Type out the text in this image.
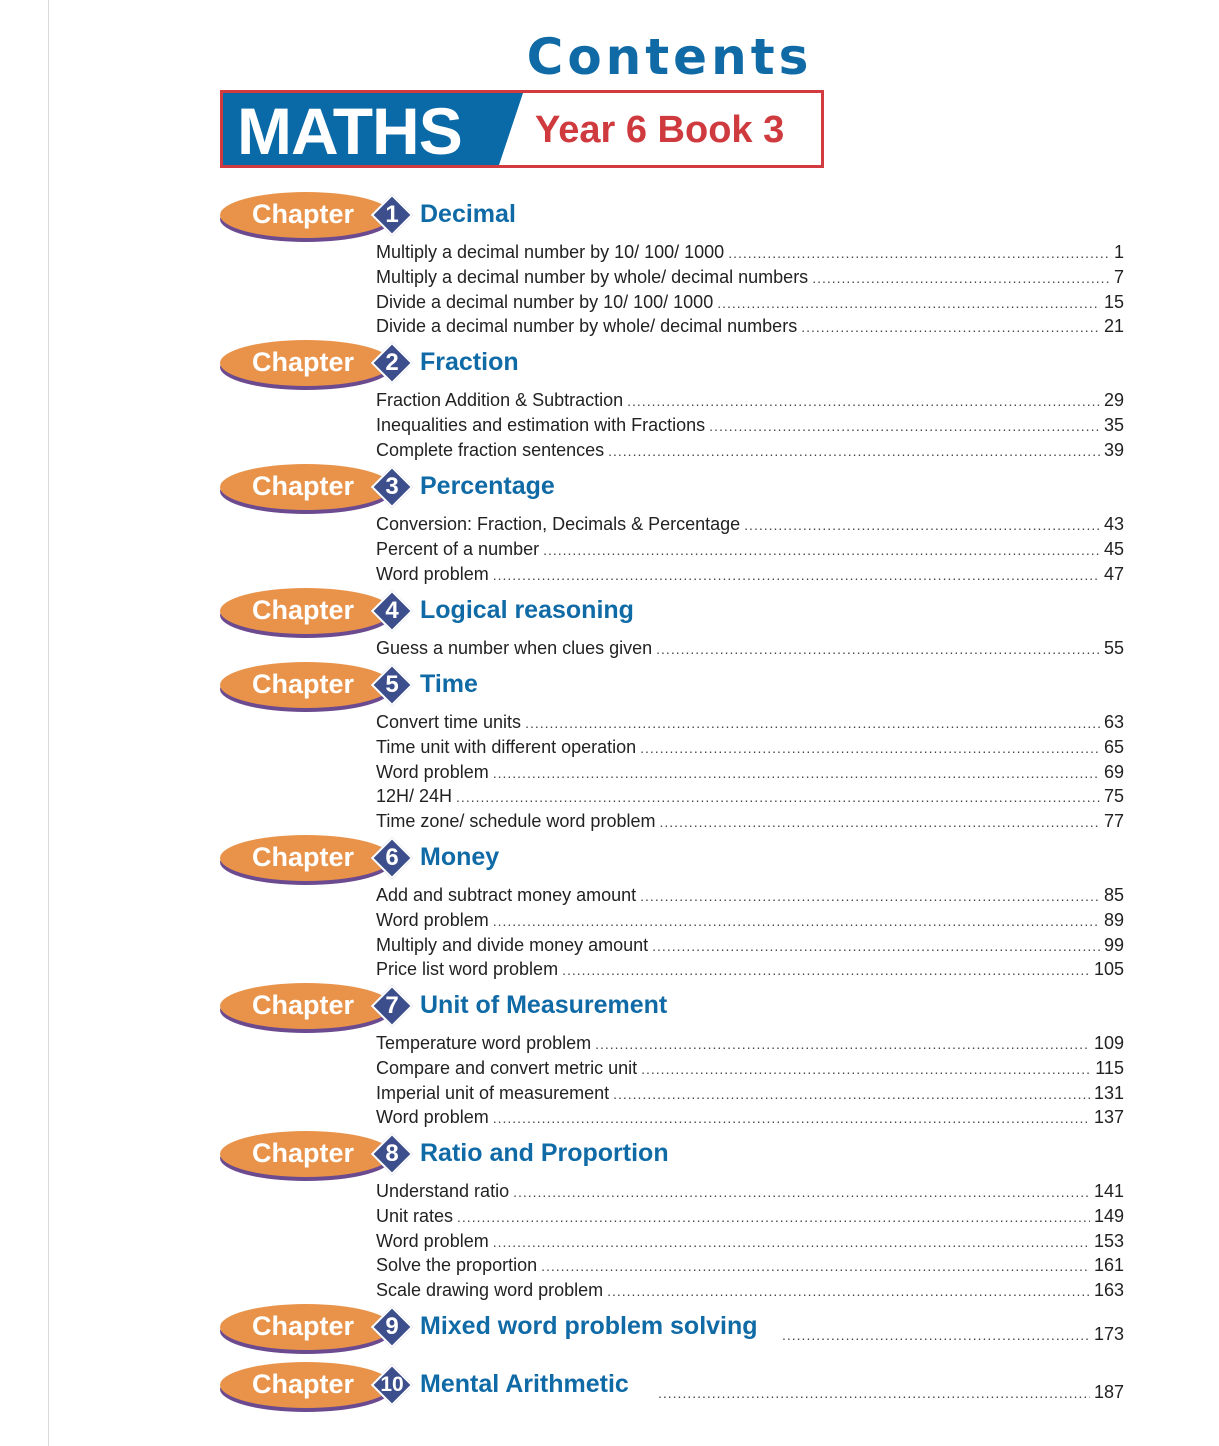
Contents
MATHS Year 6 Book 3
Chapter	1 Decimal
Multiply a decimal number by 10/ 100/ 1000 .....	1
Multiply a decimal number by whole/ decimal numbers .....	7
Divide a decimal number by 10/ 100/ 1000 .....	15
Divide a decimal number by whole/ decimal numbers .....	21
Chapter	2 Fraction
Fraction Addition & Subtraction .....	29
Inequalities and estimation with Fractions .....	35
Complete fraction sentences .....	39
Chapter	3 Percentage
Conversion: Fraction, Decimals & Percentage .....	43
Percent of a number .....	45
Word problem .....	47
Chapter	4 Logical reasoning
Guess a number when clues given .....	55
Chapter	5 Time
Convert time units .....	63
Time unit with different operation .....	65
Word problem .....	69
12H/ 24H .....	75
Time zone/ schedule word problem .....	77
Chapter	6 Money
Add and subtract money amount .....	85
Word problem .....	89
Multiply and divide money amount .....	99
Price list word problem .....	105
Chapter	7 Unit of Measurement
Temperature word problem .....	109
Compare and convert metric unit .....	115
Imperial unit of measurement .....	131
Word problem .....	137
Chapter	8 Ratio and Proportion
Understand ratio .....	141
Unit rates .....	149
Word problem .....	153
Solve the proportion .....	161
Scale drawing word problem .....	163
Chapter	9 Mixed word problem solving .....	173
Chapter	10 Mental Arithmetic .....	187
